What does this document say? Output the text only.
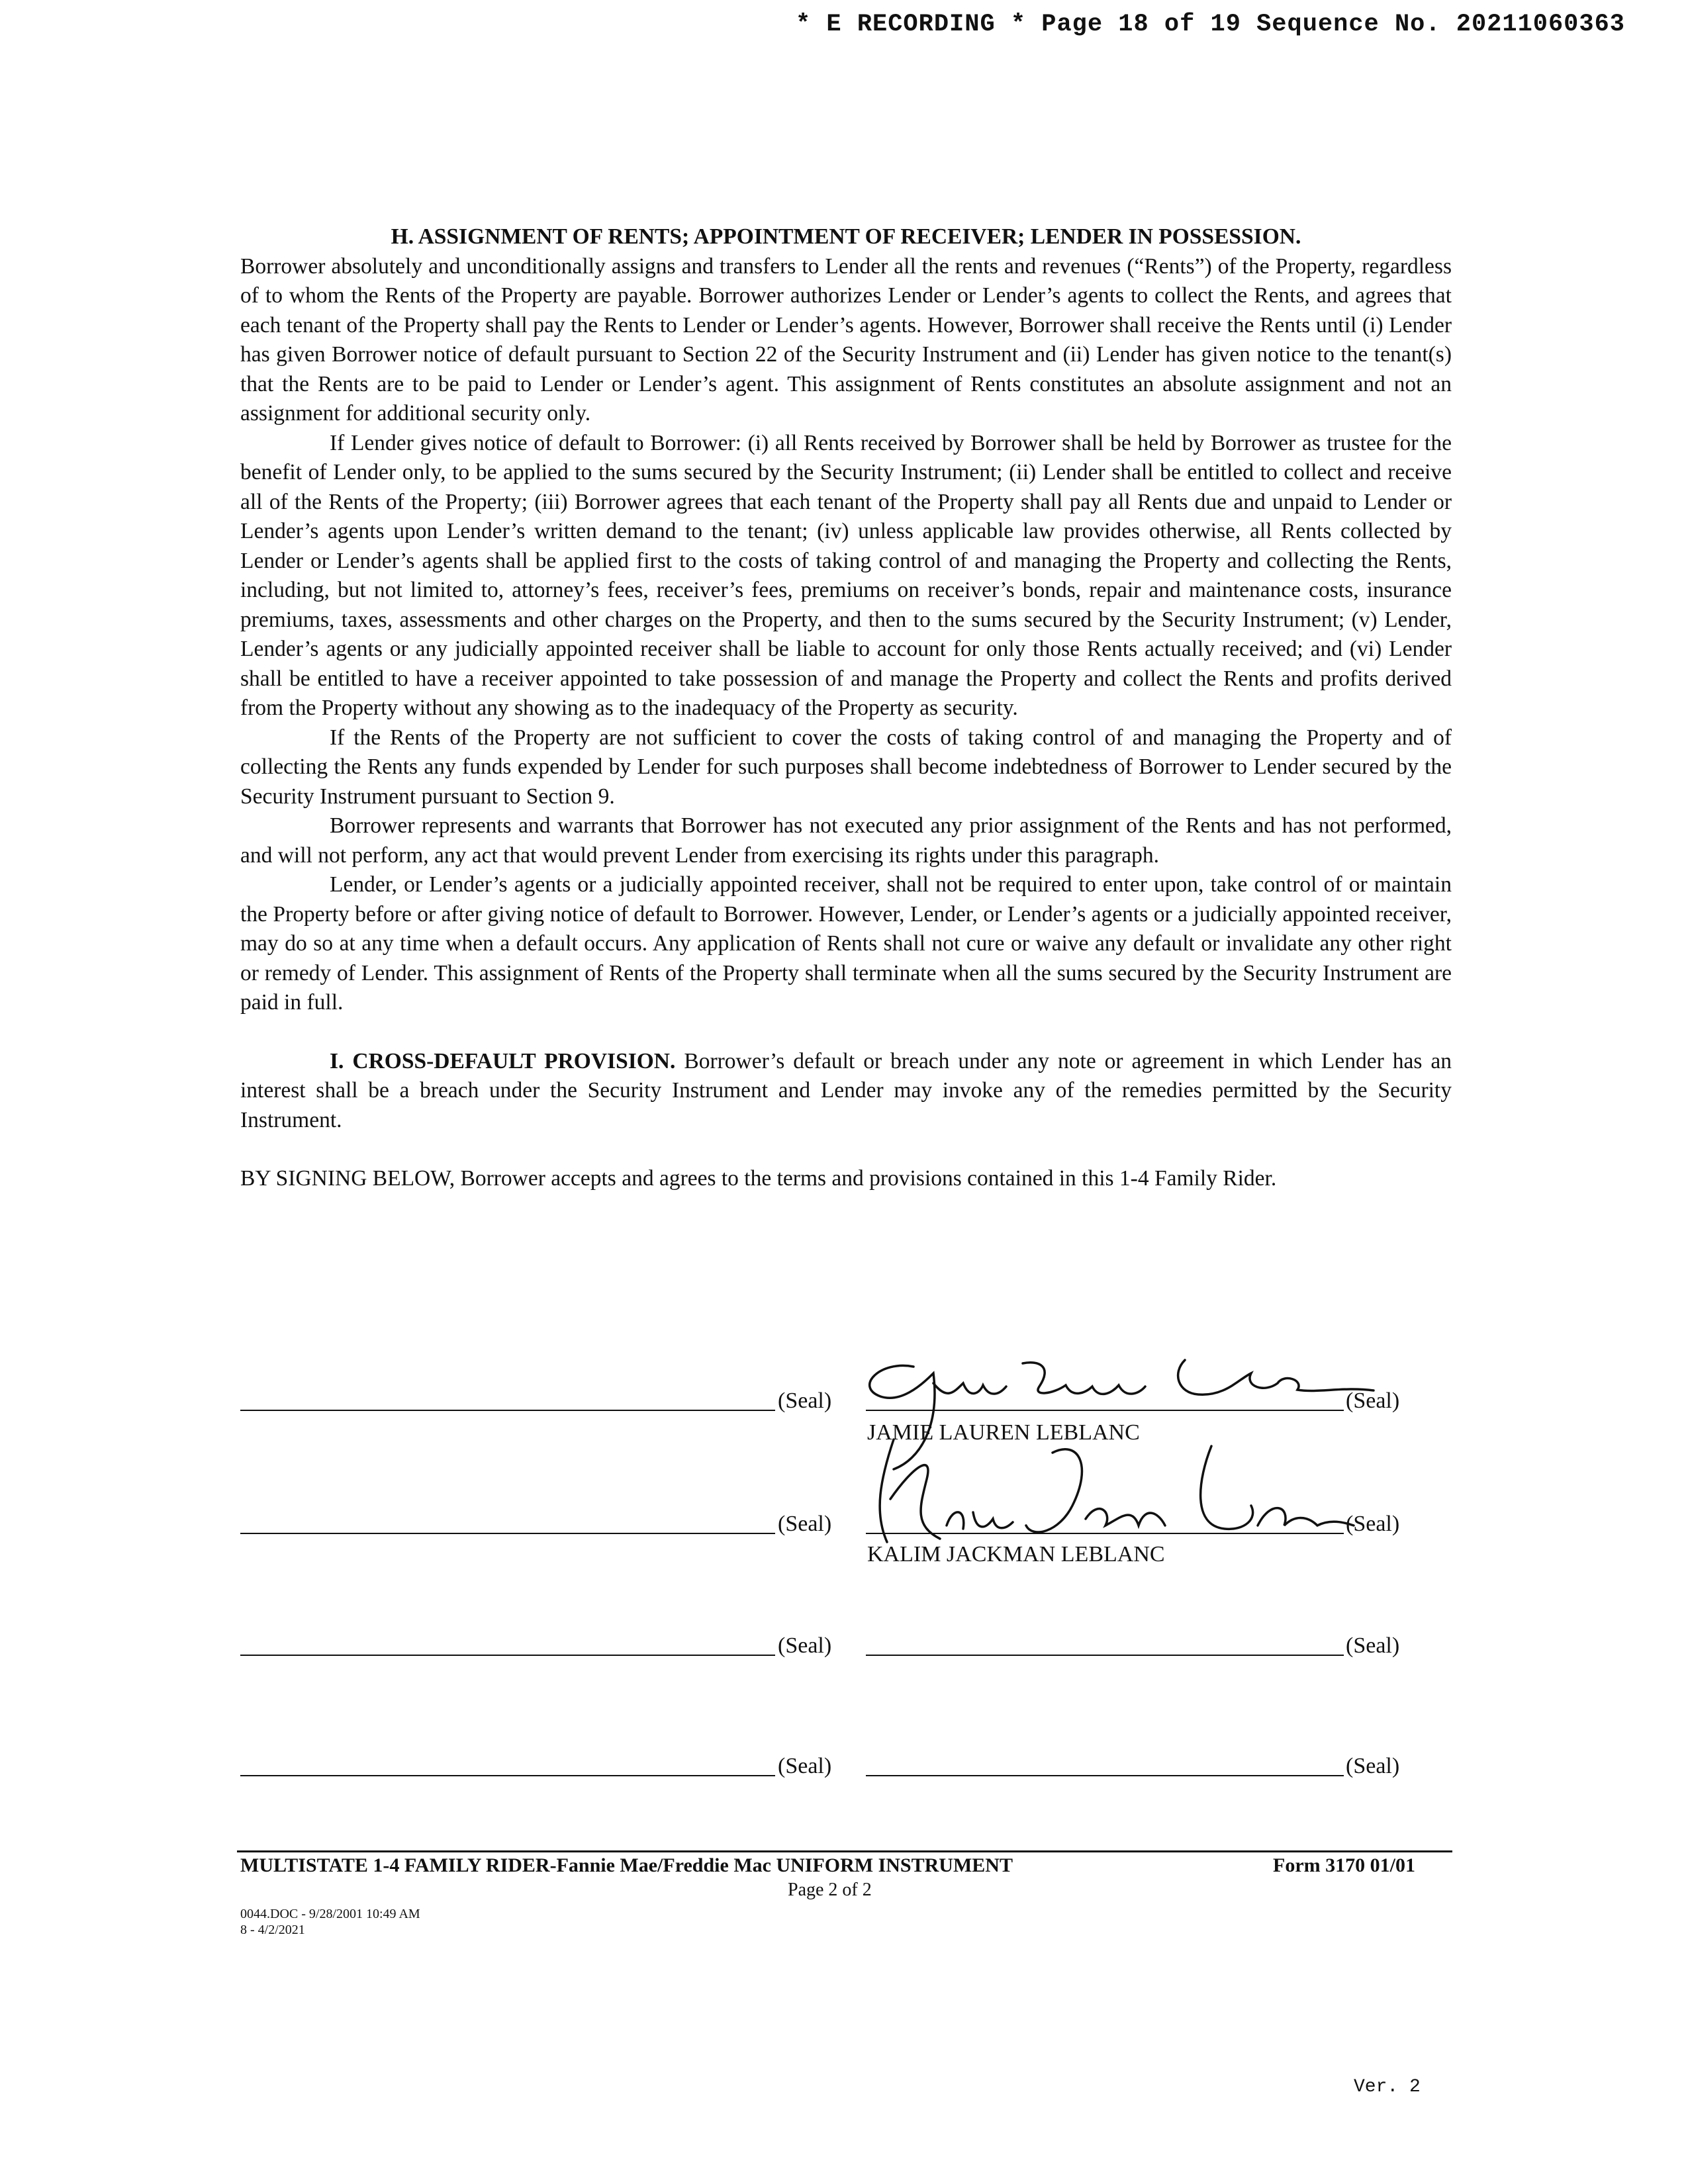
* E RECORDING * Page 18 of 19 Sequence No. 20211060363

H. ASSIGNMENT OF RENTS; APPOINTMENT OF RECEIVER; LENDER IN POSSESSION.

Borrower absolutely and unconditionally assigns and transfers to Lender all the rents and revenues (“Rents”) of the Property, regardless of to whom the Rents of the Property are payable. Borrower authorizes Lender or Lender’s agents to collect the Rents, and agrees that each tenant of the Property shall pay the Rents to Lender or Lender’s agents. However, Borrower shall receive the Rents until (i) Lender has given Borrower notice of default pursuant to Section 22 of the Security Instrument and (ii) Lender has given notice to the tenant(s) that the Rents are to be paid to Lender or Lender’s agent. This assignment of Rents constitutes an absolute assignment and not an assignment for additional security only.

If Lender gives notice of default to Borrower: (i) all Rents received by Borrower shall be held by Borrower as trustee for the benefit of Lender only, to be applied to the sums secured by the Security Instrument; (ii) Lender shall be entitled to collect and receive all of the Rents of the Property; (iii) Borrower agrees that each tenant of the Property shall pay all Rents due and unpaid to Lender or Lender’s agents upon Lender’s written demand to the tenant; (iv) unless applicable law provides otherwise, all Rents collected by Lender or Lender’s agents shall be applied first to the costs of taking control of and managing the Property and collecting the Rents, including, but not limited to, attorney’s fees, receiver’s fees, premiums on receiver’s bonds, repair and maintenance costs, insurance premiums, taxes, assessments and other charges on the Property, and then to the sums secured by the Security Instrument; (v) Lender, Lender’s agents or any judicially appointed receiver shall be liable to account for only those Rents actually received; and (vi) Lender shall be entitled to have a receiver appointed to take possession of and manage the Property and collect the Rents and profits derived from the Property without any showing as to the inadequacy of the Property as security.

If the Rents of the Property are not sufficient to cover the costs of taking control of and managing the Property and of collecting the Rents any funds expended by Lender for such purposes shall become indebtedness of Borrower to Lender secured by the Security Instrument pursuant to Section 9.

Borrower represents and warrants that Borrower has not executed any prior assignment of the Rents and has not performed, and will not perform, any act that would prevent Lender from exercising its rights under this paragraph.

Lender, or Lender’s agents or a judicially appointed receiver, shall not be required to enter upon, take control of or maintain the Property before or after giving notice of default to Borrower. However, Lender, or Lender’s agents or a judicially appointed receiver, may do so at any time when a default occurs. Any application of Rents shall not cure or waive any default or invalidate any other right or remedy of Lender. This assignment of Rents of the Property shall terminate when all the sums secured by the Security Instrument are paid in full.

I. CROSS-DEFAULT PROVISION. Borrower’s default or breach under any note or agreement in which Lender has an interest shall be a breach under the Security Instrument and Lender may invoke any of the remedies permitted by the Security Instrument.

BY SIGNING BELOW, Borrower accepts and agrees to the terms and provisions contained in this 1-4 Family Rider.

(Seal)	(Seal)
JAMIE LAUREN LEBLANC
(Seal)	(Seal)
KALIM JACKMAN LEBLANC
(Seal)	(Seal)
(Seal)	(Seal)
MULTISTATE 1-4 FAMILY RIDER-Fannie Mae/Freddie Mac UNIFORM INSTRUMENT	Form 3170 01/01
Page 2 of 2
0044.DOC - 9/28/2001 10:49 AM
8 - 4/2/2021
Ver. 2
